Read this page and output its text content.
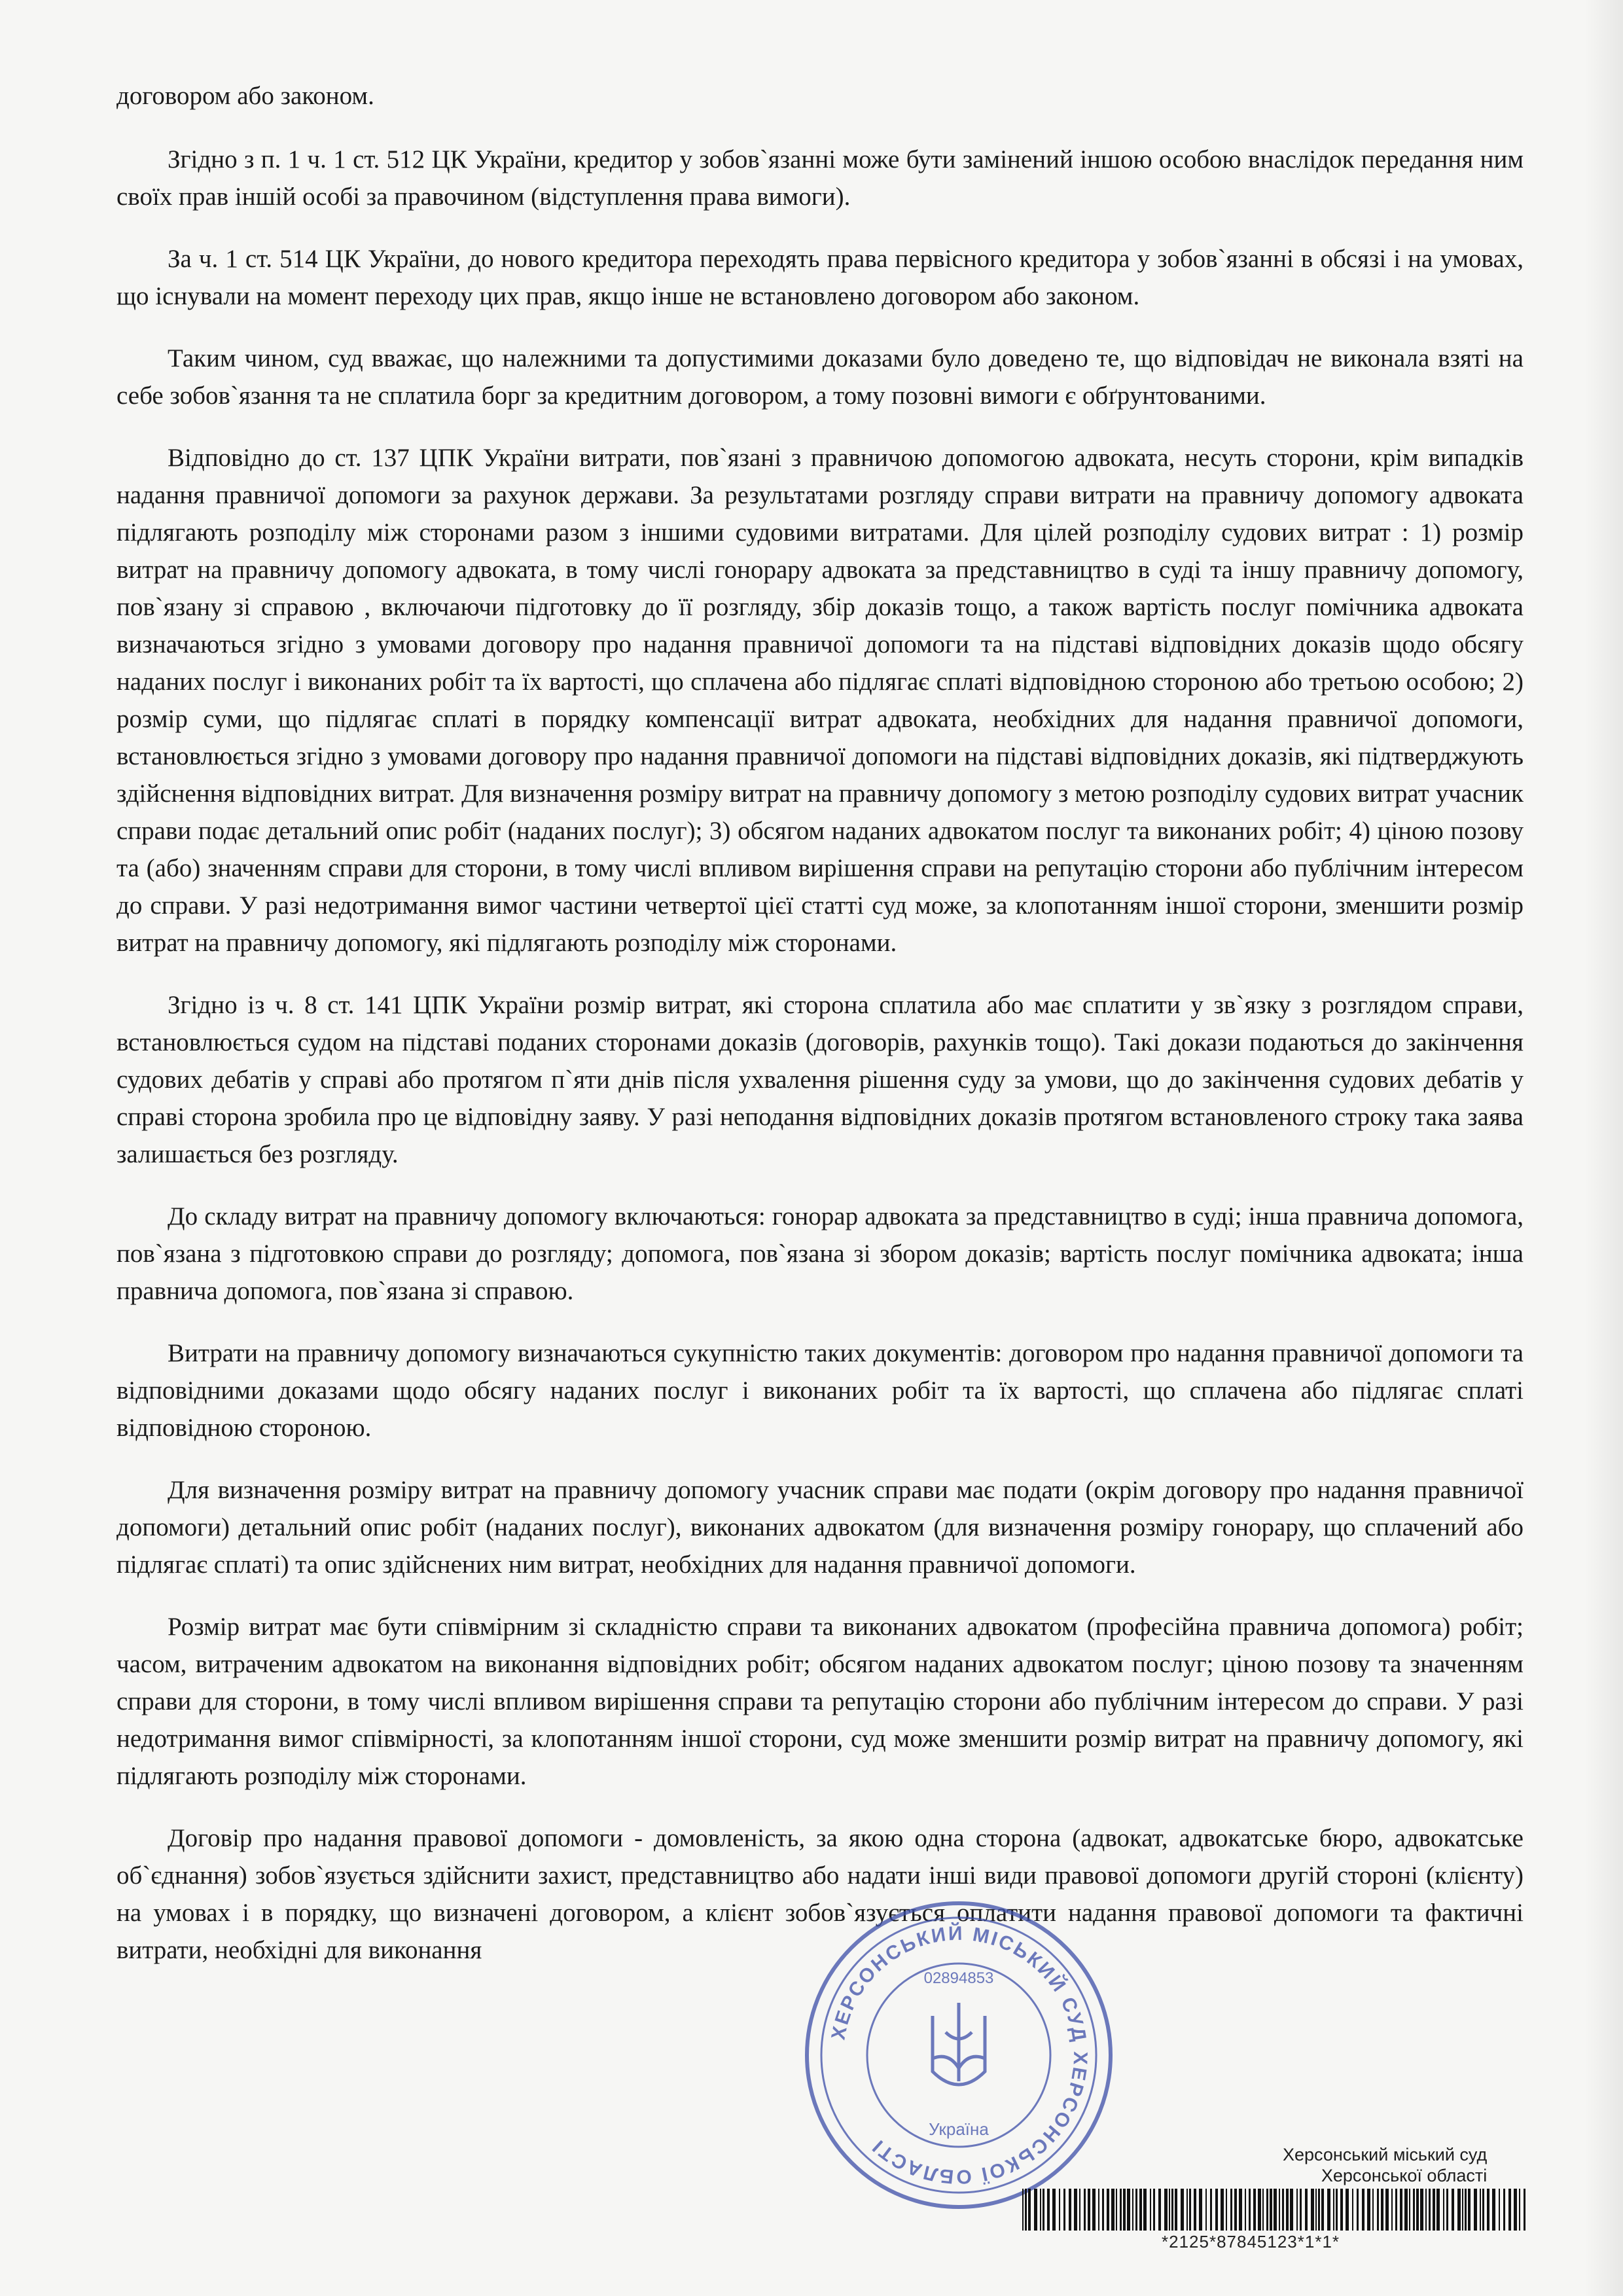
договором або законом.

Згідно з п. 1 ч. 1 ст. 512 ЦК України, кредитор у зобов`язанні може бути замінений іншою особою внаслідок передання ним своїх прав іншій особі за правочином (відступлення права вимоги).

За ч. 1 ст. 514 ЦК України, до нового кредитора переходять права первісного кредитора у зобов`язанні в обсязі і на умовах, що існували на момент переходу цих прав, якщо інше не встановлено договором або законом.

Таким чином, суд вважає, що належними та допустимими доказами було доведено те, що відповідач не виконала взяті на себе зобов`язання та не сплатила борг за кредитним договором, а тому позовні вимоги є обґрунтованими.

Відповідно до ст. 137 ЦПК України витрати, пов`язані з правничою допомогою адвоката, несуть сторони, крім випадків надання правничої допомоги за рахунок держави. За результатами розгляду справи витрати на правничу допомогу адвоката підлягають розподілу між сторонами разом з іншими судовими витратами. Для цілей розподілу судових витрат : 1) розмір витрат на правничу допомогу адвоката, в тому числі гонорару адвоката за представництво в суді та іншу правничу допомогу, пов`язану зі справою , включаючи підготовку до її розгляду, збір доказів тощо, а також вартість послуг помічника адвоката визначаються згідно з умовами договору про надання правничої допомоги та на підставі відповідних доказів щодо обсягу наданих послуг і виконаних робіт та їх вартості, що сплачена або підлягає сплаті відповідною стороною або третьою особою; 2) розмір суми, що підлягає сплаті в порядку компенсації витрат адвоката, необхідних для надання правничої допомоги, встановлюється згідно з умовами договору про надання правничої допомоги на підставі відповідних доказів, які підтверджують здійснення відповідних витрат. Для визначення розміру витрат на правничу допомогу з метою розподілу судових витрат учасник справи подає детальний опис робіт (наданих послуг); 3) обсягом наданих адвокатом послуг та виконаних робіт; 4) ціною позову та (або) значенням справи для сторони, в тому числі впливом вирішення справи на репутацію сторони або публічним інтересом до справи. У разі недотримання вимог частини четвертої цієї статті суд може, за клопотанням іншої сторони, зменшити розмір витрат на правничу допомогу, які підлягають розподілу між сторонами.

Згідно із ч. 8 ст. 141 ЦПК України розмір витрат, які сторона сплатила або має сплатити у зв`язку з розглядом справи, встановлюється судом на підставі поданих сторонами доказів (договорів, рахунків тощо). Такі докази подаються до закінчення судових дебатів у справі або протягом п`яти днів після ухвалення рішення суду за умови, що до закінчення судових дебатів у справі сторона зробила про це відповідну заяву. У разі неподання відповідних доказів протягом встановленого строку така заява залишається без розгляду.

До складу витрат на правничу допомогу включаються: гонорар адвоката за представництво в суді; інша правнича допомога, пов`язана з підготовкою справи до розгляду; допомога, пов`язана зі збором доказів; вартість послуг помічника адвоката; інша правнича допомога, пов`язана зі справою.

Витрати на правничу допомогу визначаються сукупністю таких документів: договором про надання правничої допомоги та відповідними доказами щодо обсягу наданих послуг і виконаних робіт та їх вартості, що сплачена або підлягає сплаті відповідною стороною.

Для визначення розміру витрат на правничу допомогу учасник справи має подати (окрім договору про надання правничої допомоги) детальний опис робіт (наданих послуг), виконаних адвокатом (для визначення розміру гонорару, що сплачений або підлягає сплаті) та опис здійснених ним витрат, необхідних для надання правничої допомоги.

Розмір витрат має бути співмірним зі складністю справи та виконаних адвокатом (професійна правнича допомога) робіт; часом, витраченим адвокатом на виконання відповідних робіт; обсягом наданих адвокатом послуг; ціною позову та значенням справи для сторони, в тому числі впливом вирішення справи та репутацію сторони або публічним інтересом до справи. У разі недотримання вимог співмірності, за клопотанням іншої сторони, суд може зменшити розмір витрат на правничу допомогу, які підлягають розподілу між сторонами.

Договір про надання правової допомоги - домовленість, за якою одна сторона (адвокат, адвокатське бюро, адвокатське об`єднання) зобов`язується здійснити захист, представництво або надати інші види правової допомоги другій стороні (клієнту) на умовах і в порядку, що визначені договором, а клієнт зобов`язується оплатити надання правової допомоги та фактичні витрати, необхідні для виконання

ХЕРСОНСЬКИЙ МІСЬКИЙ СУД ХЕРСОНСЬКОЇ ОБЛАСТІ
Україна
02894853
Херсонський міський суд
Херсонської області
*2125*87845123*1*1*
